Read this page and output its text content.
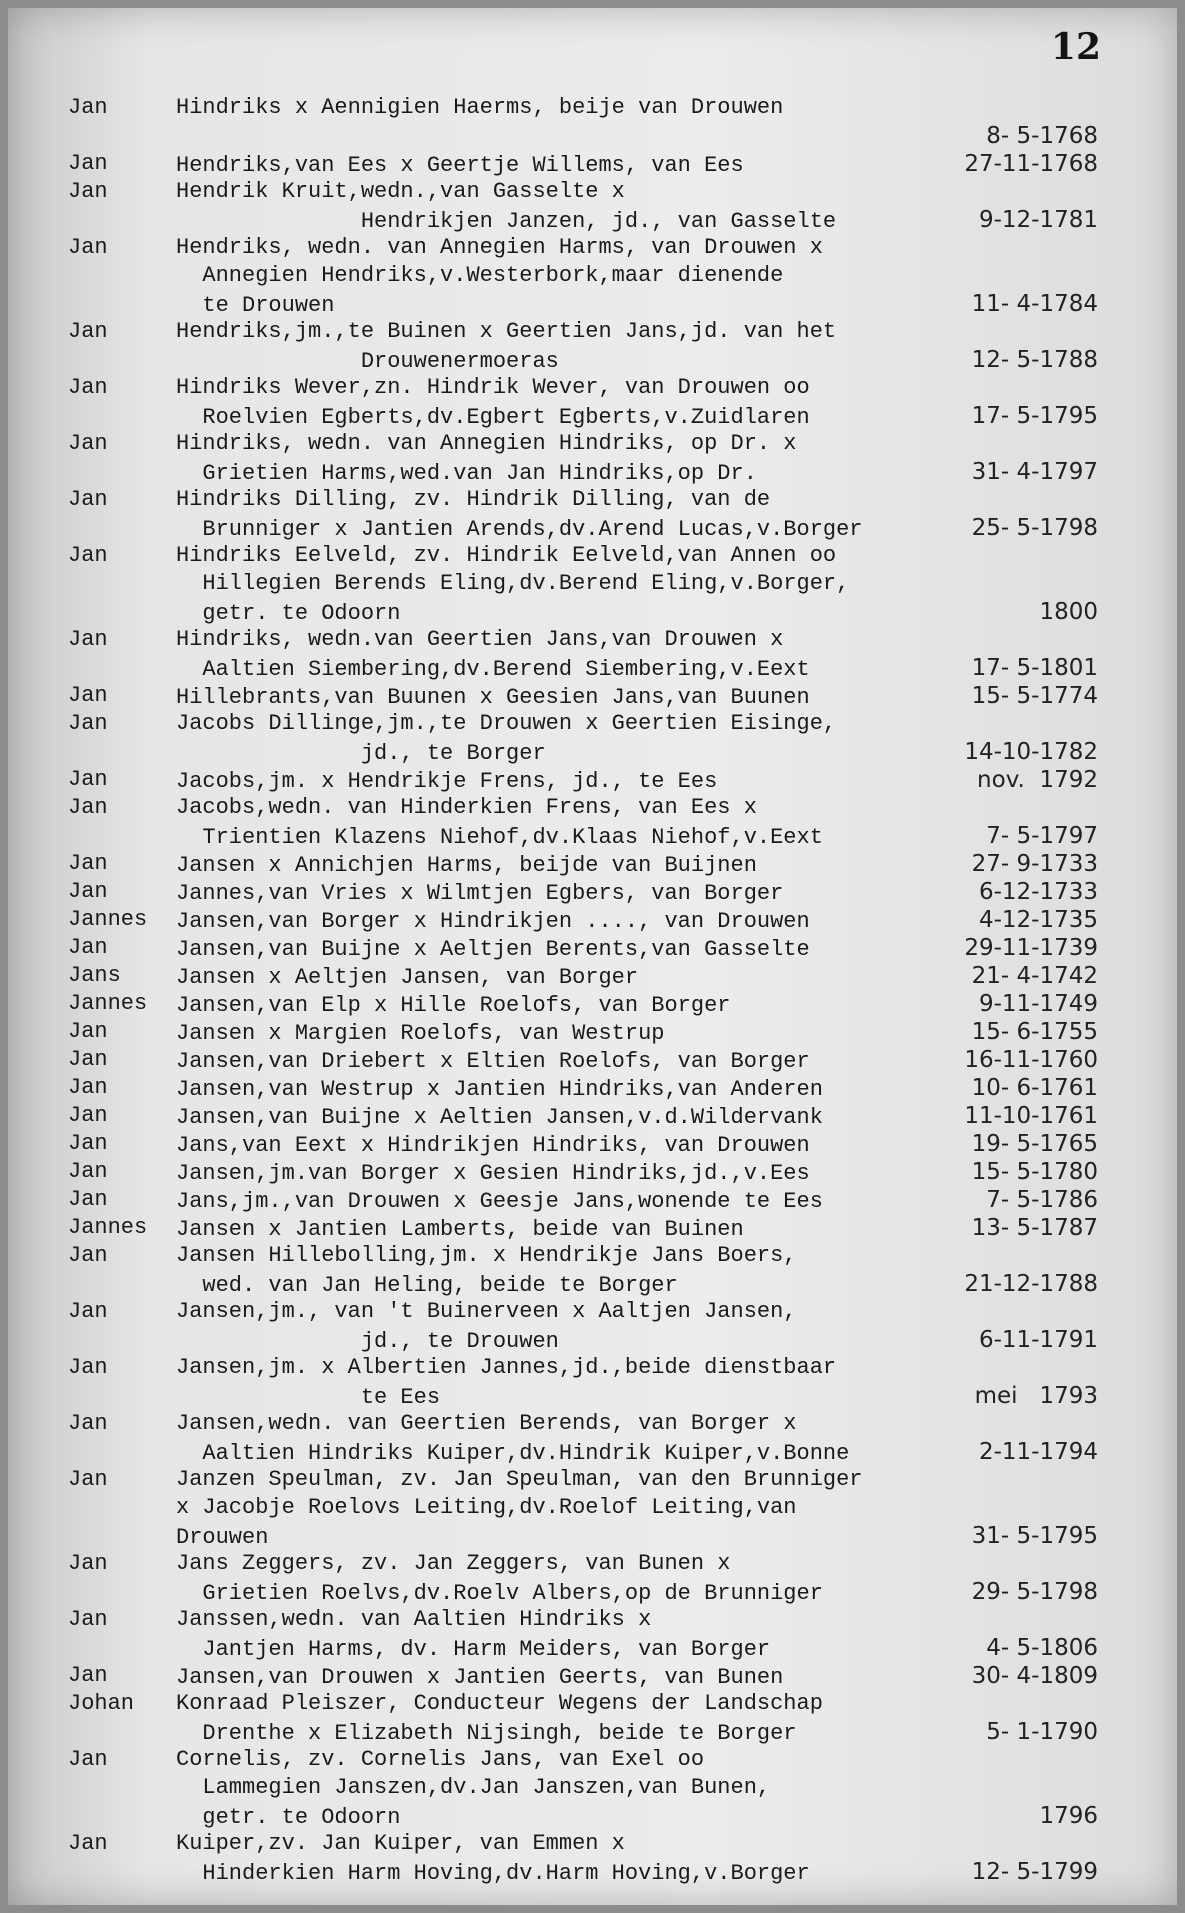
12
Jan	Hindriks x Aennigien Haerms, beije van Drouwen
8- 5-1768
Jan	Hendriks,van Ees x Geertje Willems, van Ees	27-11-1768
Jan	Hendrik Kruit,wedn.,van Gasselte x
Hendrikjen Janzen, jd., van Gasselte	9-12-1781
Jan	Hendriks, wedn. van Annegien Harms, van Drouwen x
Annegien Hendriks,v.Westerbork,maar dienende
te Drouwen	11- 4-1784
Jan	Hendriks,jm.,te Buinen x Geertien Jans,jd. van het
Drouwenermoeras	12- 5-1788
Jan	Hindriks Wever,zn. Hindrik Wever, van Drouwen oo
Roelvien Egberts,dv.Egbert Egberts,v.Zuidlaren	17- 5-1795
Jan	Hindriks, wedn. van Annegien Hindriks, op Dr. x
Grietien Harms,wed.van Jan Hindriks,op Dr.	31- 4-1797
Jan	Hindriks Dilling, zv. Hindrik Dilling, van de
Brunniger x Jantien Arends,dv.Arend Lucas,v.Borger	25- 5-1798
Jan	Hindriks Eelveld, zv. Hindrik Eelveld,van Annen oo
Hillegien Berends Eling,dv.Berend Eling,v.Borger,
getr. te Odoorn	1800
Jan	Hindriks, wedn.van Geertien Jans,van Drouwen x
Aaltien Siembering,dv.Berend Siembering,v.Eext	17- 5-1801
Jan	Hillebrants,van Buunen x Geesien Jans,van Buunen	15- 5-1774
Jan	Jacobs Dillinge,jm.,te Drouwen x Geertien Eisinge,
jd., te Borger	14-10-1782
Jan	Jacobs,jm. x Hendrikje Frens, jd., te Ees	nov.  1792
Jan	Jacobs,wedn. van Hinderkien Frens, van Ees x
Trientien Klazens Niehof,dv.Klaas Niehof,v.Eext	7- 5-1797
Jan	Jansen x Annichjen Harms, beijde van Buijnen	27- 9-1733
Jan	Jannes,van Vries x Wilmtjen Egbers, van Borger	6-12-1733
Jannes	Jansen,van Borger x Hindrikjen ...., van Drouwen	4-12-1735
Jan	Jansen,van Buijne x Aeltjen Berents,van Gasselte	29-11-1739
Jans	Jansen x Aeltjen Jansen, van Borger	21- 4-1742
Jannes	Jansen,van Elp x Hille Roelofs, van Borger	9-11-1749
Jan	Jansen x Margien Roelofs, van Westrup	15- 6-1755
Jan	Jansen,van Driebert x Eltien Roelofs, van Borger	16-11-1760
Jan	Jansen,van Westrup x Jantien Hindriks,van Anderen	10- 6-1761
Jan	Jansen,van Buijne x Aeltien Jansen,v.d.Wildervank	11-10-1761
Jan	Jans,van Eext x Hindrikjen Hindriks, van Drouwen	19- 5-1765
Jan	Jansen,jm.van Borger x Gesien Hindriks,jd.,v.Ees	15- 5-1780
Jan	Jans,jm.,van Drouwen x Geesje Jans,wonende te Ees	7- 5-1786
Jannes	Jansen x Jantien Lamberts, beide van Buinen	13- 5-1787
Jan	Jansen Hillebolling,jm. x Hendrikje Jans Boers,
wed. van Jan Heling, beide te Borger	21-12-1788
Jan	Jansen,jm., van 't Buinerveen x Aaltjen Jansen,
jd., te Drouwen	6-11-1791
Jan	Jansen,jm. x Albertien Jannes,jd.,beide dienstbaar
te Ees	mei   1793
Jan	Jansen,wedn. van Geertien Berends, van Borger x
Aaltien Hindriks Kuiper,dv.Hindrik Kuiper,v.Bonne	2-11-1794
Jan	Janzen Speulman, zv. Jan Speulman, van den Brunniger
x Jacobje Roelovs Leiting,dv.Roelof Leiting,van
Drouwen	31- 5-1795
Jan	Jans Zeggers, zv. Jan Zeggers, van Bunen x
Grietien Roelvs,dv.Roelv Albers,op de Brunniger	29- 5-1798
Jan	Janssen,wedn. van Aaltien Hindriks x
Jantjen Harms, dv. Harm Meiders, van Borger	4- 5-1806
Jan	Jansen,van Drouwen x Jantien Geerts, van Bunen	30- 4-1809
Johan	Konraad Pleiszer, Conducteur Wegens der Landschap
Drenthe x Elizabeth Nijsingh, beide te Borger	5- 1-1790
Jan	Cornelis, zv. Cornelis Jans, van Exel oo
Lammegien Janszen,dv.Jan Janszen,van Bunen,
getr. te Odoorn	1796
Jan	Kuiper,zv. Jan Kuiper, van Emmen x
Hinderkien Harm Hoving,dv.Harm Hoving,v.Borger	12- 5-1799
